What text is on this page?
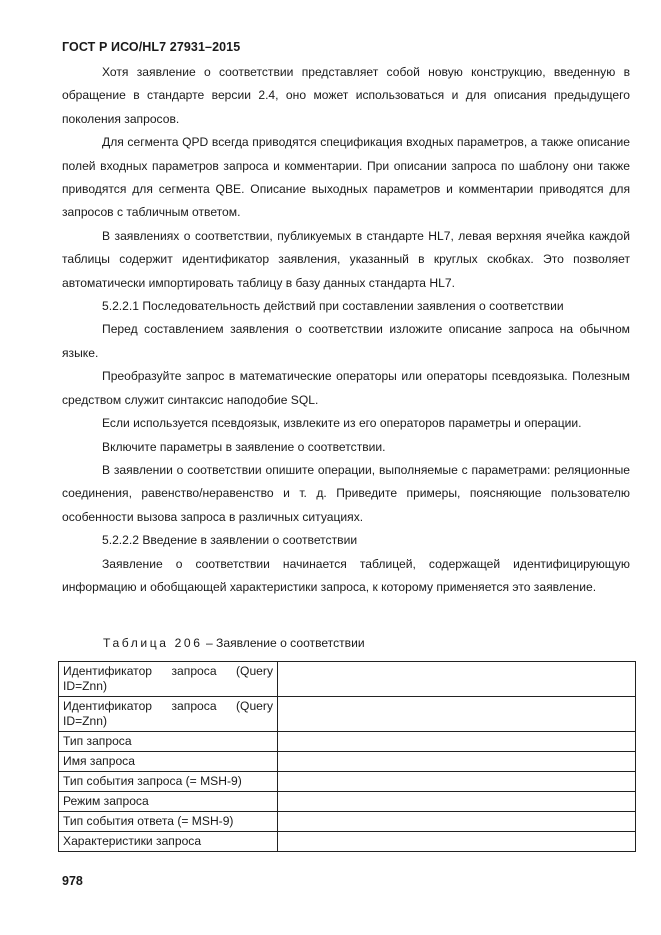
ГОСТ Р ИСО/HL7 27931–2015

Хотя заявление о соответствии представляет собой новую конструкцию, введенную в обращение в стандарте версии 2.4, оно может использоваться и для описания предыдущего поколения запросов.

Для сегмента QPD всегда приводятся спецификация входных параметров, а также описание полей входных параметров запроса и комментарии. При описании запроса по шаблону они также приводятся для сегмента QBE. Описание выходных параметров и комментарии приводятся для запросов с табличным ответом.

В заявлениях о соответствии, публикуемых в стандарте HL7, левая верхняя ячейка каждой таблицы содержит идентификатор заявления, указанный в круглых скобках. Это позволяет автоматически импортировать таблицу в базу данных стандарта HL7.

5.2.2.1 Последовательность действий при составлении заявления о соответствии

Перед составлением заявления о соответствии изложите описание запроса на обычном языке.

Преобразуйте запрос в математические операторы или операторы псевдоязыка. Полезным средством служит синтаксис наподобие SQL.

Если используется псевдоязык, извлеките из его операторов параметры и операции.

Включите параметры в заявление о соответствии.

В заявлении о соответствии опишите операции, выполняемые с параметрами: реляционные соединения, равенство/неравенство и т. д. Приведите примеры, поясняющие пользователю особенности вызова запроса в различных ситуациях.

5.2.2.2 Введение в заявлении о соответствии

Заявление о соответствии начинается таблицей, содержащей идентифицирующую информацию и обобщающей характеристики запроса, к которому применяется это заявление.

Таблица 206 – Заявление о соответствии
Идентификатор запроса (Query ID=Znn)	
Идентификатор запроса (Query ID=Znn)	
Тип запроса	
Имя запроса	
Тип события запроса (= MSH-9)	
Режим запроса	
Тип события ответа (= MSH-9)	
Характеристики запроса	
978
